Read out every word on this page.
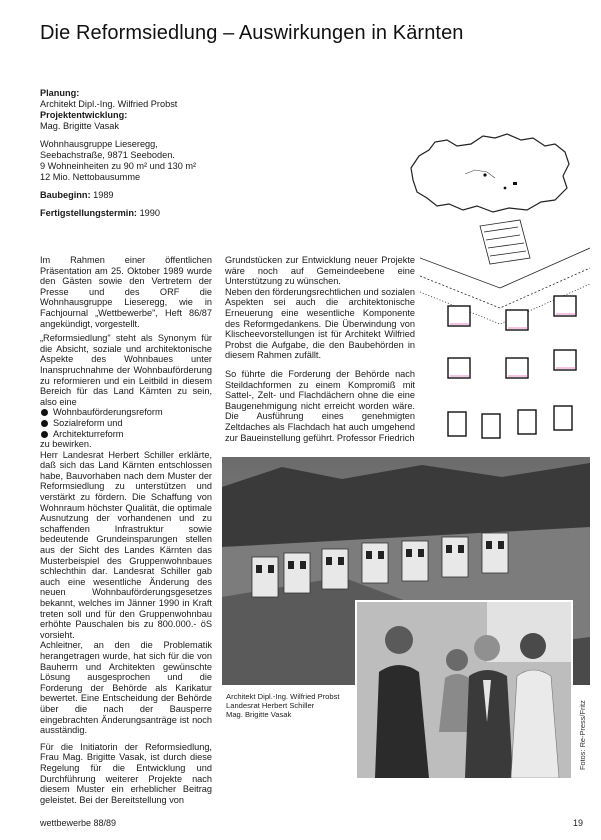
Die Reformsiedlung – Auswirkungen in Kärnten
Planung:
Architekt Dipl.-Ing. Wilfried Probst
Projektentwicklung:
Mag. Brigitte Vasak
Wohnhausgruppe Lieseregg,
Seebachstraße, 9871 Seeboden.
9 Wohneinheiten zu 90 m² und 130 m²
12 Mio. Nettobausumme
Baubeginn: 1989
Fertigstellungstermin: 1990

Im Rahmen einer öffentlichen Präsentation am 25. Oktober 1989 wurde den Gästen sowie den Vertretern der Presse und des ORF die Wohnhausgruppe Lieseregg, wie in Fachjournal „Wettbewerbe", Heft 86/87 angekündigt, vorgestellt.

„Reformsiedlung" steht als Synonym für die Absicht, soziale und architektonische Aspekte des Wohnbaues unter Inanspruchnahme der Wohnbauförderung zu reformieren und ein Leitbild in diesem Bereich für das Land Kärnten zu sein, also eine

Wohnbauförderungsreform
Sozialreform und
Architekturreform

zu bewirken.

Herr Landesrat Herbert Schiller erklärte, daß sich das Land Kärnten entschlossen habe, Bauvorhaben nach dem Muster der Reformsiedlung zu unterstützen und verstärkt zu fördern. Die Schaffung von Wohnraum höchster Qualität, die optimale Ausnutzung der vorhandenen und zu schaffenden Infrastruktur sowie bedeutende Grundeinsparungen stellen aus der Sicht des Landes Kärnten das Musterbeispiel des Gruppenwohnbaues schlechthin dar. Landesrat Schiller gab auch eine wesentliche Änderung des neuen Wohnbauförderungsgesetzes bekannt, welches im Jänner 1990 in Kraft treten soll und für den Gruppenwohnbau erhöhte Pauschalen bis zu 800.000.- öS vorsieht.

Achleitner, an den die Problematik herangetragen wurde, hat sich für die von Bauherrn und Architekten gewünschte Lösung ausgesprochen und die Forderung der Behörde als Karikatur bewertet. Eine Entscheidung der Behörde über die nach der Bausperre eingebrachten Änderungsanträge ist noch ausständig.

Für die Initiatorin der Reformsiedlung, Frau Mag. Brigitte Vasak, ist durch diese Regelung für die Entwicklung und Durchführung weiterer Projekte nach diesem Muster ein erheblicher Beitrag geleistet. Bei der Bereitstellung von

Grundstücken zur Entwicklung neuer Projekte wäre noch auf Gemeindeebene eine Unterstützung zu wünschen.

Neben den förderungsrechtlichen und sozialen Aspekten sei auch die architektonische Erneuerung eine wesentliche Komponente des Reformgedankens. Die Überwindung von Klischeevorstellungen ist für Architekt Wilfried Probst die Aufgabe, die den Baubehörden in diesem Rahmen zufällt.

So führte die Forderung der Behörde nach Steildachformen zu einem Kompromiß mit Sattel-, Zelt- und Flachdächern ohne die eine Baugenehmigung nicht erreicht worden wäre. Die Ausführung eines genehmigten Zeltdaches als Flachdach hat auch umgehend zur Baueinstellung geführt. Professor Friedrich

Architekt Dipl.-Ing. Wilfried Probst
Landesrat Herbert Schiller
Mag. Brigitte Vasak	Fotos: Re-Press/Fritz
wettbewerbe 88/89	19
